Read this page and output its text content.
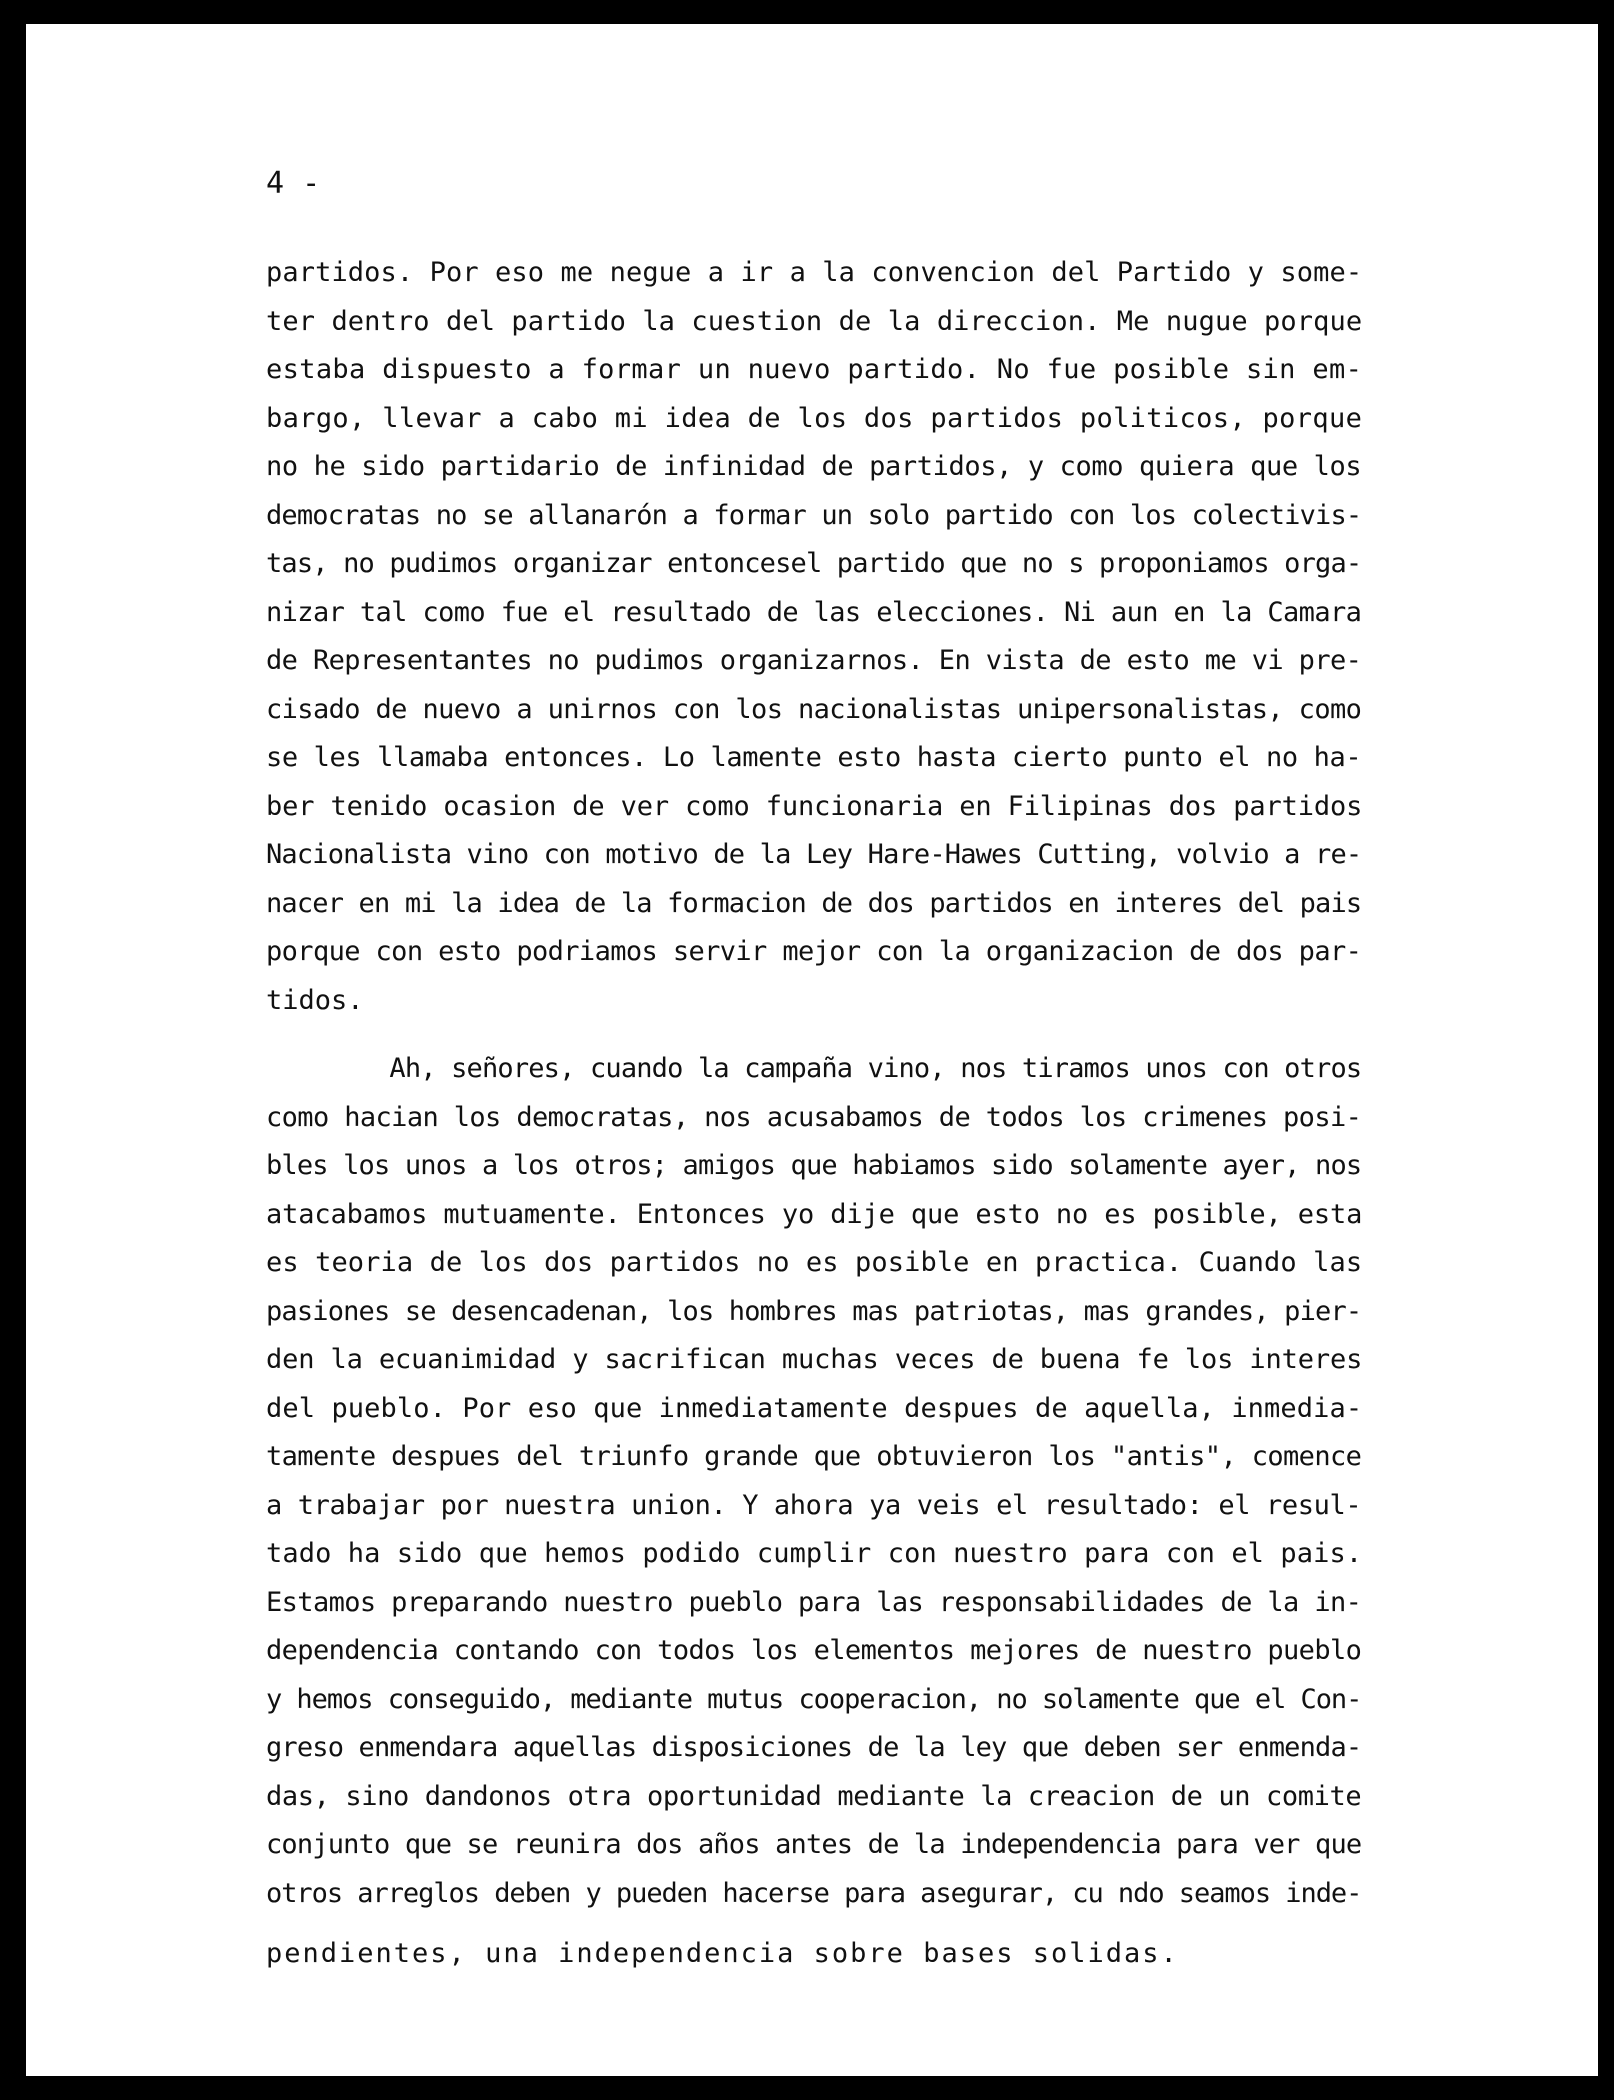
4 -
partidos. Por eso me negue a ir a la convencion del Partido y some-
ter dentro del partido la cuestion de la direccion. Me nugue porque
estaba dispuesto a formar un nuevo partido. No fue posible sin em-
bargo, llevar a cabo mi idea de los dos partidos politicos, porque
no he sido partidario de infinidad de partidos, y como quiera que los
democratas no se allanarón a formar un solo partido con los colectivis-
tas, no pudimos organizar entoncesel partido que no s proponiamos orga-
nizar tal como fue el resultado de las elecciones. Ni aun en la Camara
de Representantes no pudimos organizarnos. En vista de esto me vi pre-
cisado de nuevo a unirnos con los nacionalistas unipersonalistas, como
se les llamaba entonces. Lo lamente esto hasta cierto punto el no ha-
ber tenido ocasion de ver como funcionaria en Filipinas dos partidos
Nacionalista vino con motivo de la Ley Hare-Hawes Cutting, volvio a re-
nacer en mi la idea de la formacion de dos partidos en interes del pais
porque con esto podriamos servir mejor con la organizacion de dos par-
tidos.
Ah, señores, cuando la campaña vino, nos tiramos unos con otros
como hacian los democratas, nos acusabamos de todos los crimenes posi-
bles los unos a los otros; amigos que habiamos sido solamente ayer, nos
atacabamos mutuamente. Entonces yo dije que esto no es posible, esta
es teoria de los dos partidos no es posible en practica. Cuando las
pasiones se desencadenan, los hombres mas patriotas, mas grandes, pier-
den la ecuanimidad y sacrifican muchas veces de buena fe los interes
del pueblo. Por eso que inmediatamente despues de aquella, inmedia-
tamente despues del triunfo grande que obtuvieron los "antis", comence
a trabajar por nuestra union. Y ahora ya veis el resultado: el resul-
tado ha sido que hemos podido cumplir con nuestro para con el pais.
Estamos preparando nuestro pueblo para las responsabilidades de la in-
dependencia contando con todos los elementos mejores de nuestro pueblo
y hemos conseguido, mediante mutus cooperacion, no solamente que el Con-
greso enmendara aquellas disposiciones de la ley que deben ser enmenda-
das, sino dandonos otra oportunidad mediante la creacion de un comite
conjunto que se reunira dos años antes de la independencia para ver que
otros arreglos deben y pueden hacerse para asegurar, cu ndo seamos inde-
pendientes, una independencia sobre bases solidas.
